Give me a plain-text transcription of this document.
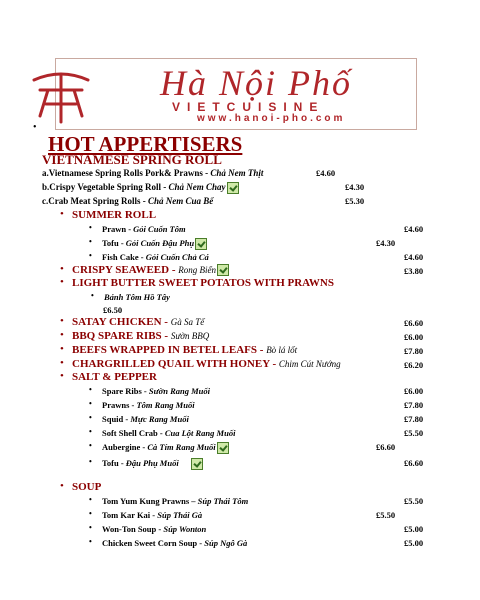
Hà Nội Phố
VIETCUISINE
www.hanoi-pho.com
•
HOT APPERTISERS
VIETNAMESE SPRING ROLL
a.Vietnamese Spring Rolls Pork& Prawns - Chả Nem Thịt	£4.60
b.Crispy Vegetable Spring Roll - Chả Nem Chay	£4.30
c.Crab Meat Spring Rolls - Chả Nem Cua Bể	£5.30
• SUMMER ROLL
• Prawn - Gỏi Cuốn Tôm	£4.60
• Tofu - Gỏi Cuốn Đậu Phụ	£4.30
• Fish Cake - Gỏi Cuốn Chả Cá	£4.60
• CRISPY SEAWEED - Rong Biển	£3.80
• LIGHT BUTTER SWEET POTATOS WITH PRAWNS
• Bánh Tôm Hồ Tây
£6.50
• SATAY CHICKEN - Gà Sa Tế	£6.60
• BBQ SPARE RIBS - Sườn BBQ	£6.00
• BEEFS WRAPPED IN BETEL LEAFS - Bò lá lốt	£7.80
• CHARGRILLED QUAIL WITH HONEY - Chim Cút Nướng	£6.20
• SALT & PEPPER
• Spare Ribs - Sườn Rang Muối	£6.00
• Prawns - Tôm Rang Muối	£7.80
• Squid - Mực Rang Muối	£7.80
• Soft Shell Crab - Cua Lột Rang Muối	£5.50
• Aubergine - Cà Tím Rang Muối	£6.60
• Tofu - Đậu Phụ Muối	£6.60
• SOUP
• Tom Yum Kung Prawns – Súp Thái Tôm	£5.50
• Tom Kar Kai - Súp Thái Gà	£5.50
• Won-Ton Soup - Súp Wonton	£5.00
• Chicken Sweet Corn Soup - Súp Ngô Gà	£5.00
